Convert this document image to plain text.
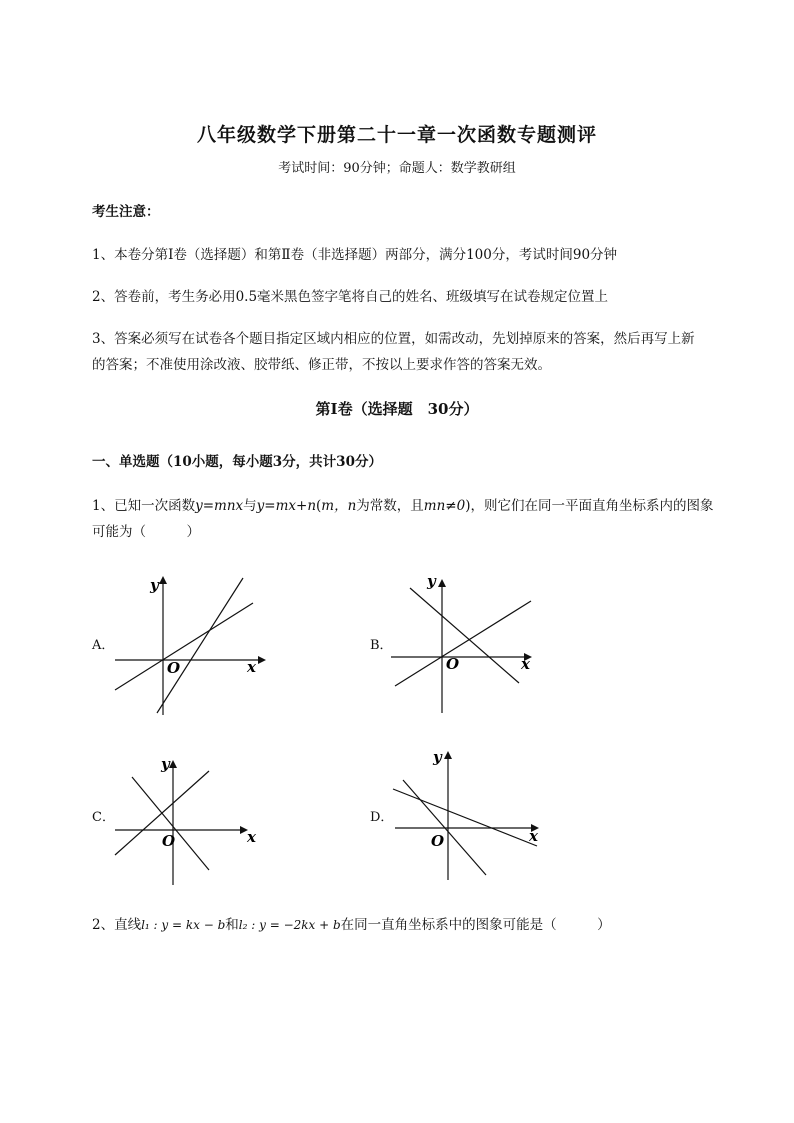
八年级数学下册第二十一章一次函数专题测评
考试时间：90分钟；命题人：数学教研组
考生注意：
1、本卷分第I卷（选择题）和第Ⅱ卷（非选择题）两部分，满分100分，考试时间90分钟
2、答卷前，考生务必用0.5毫米黑色签字笔将自己的姓名、班级填写在试卷规定位置上
3、答案必须写在试卷各个题目指定区域内相应的位置，如需改动，先划掉原来的答案，然后再写上新
的答案；不准使用涂改液、胶带纸、修正带，不按以上要求作答的答案无效。
第I卷（选择题　30分）
一、单选题（10小题，每小题3分，共计30分）
1、已知一次函数y=mnx与y=mx+n(m，n为常数，且mn≠0)，则它们在同一平面直角坐标系内的图象
可能为（　　　）
A．
x
y
O
B．
x
y
O
C．
x
y
O
D．
x
y
O
2、直线l₁ : y = kx − b和l₂ : y = −2kx + b在同一直角坐标系中的图象可能是（　　　）
